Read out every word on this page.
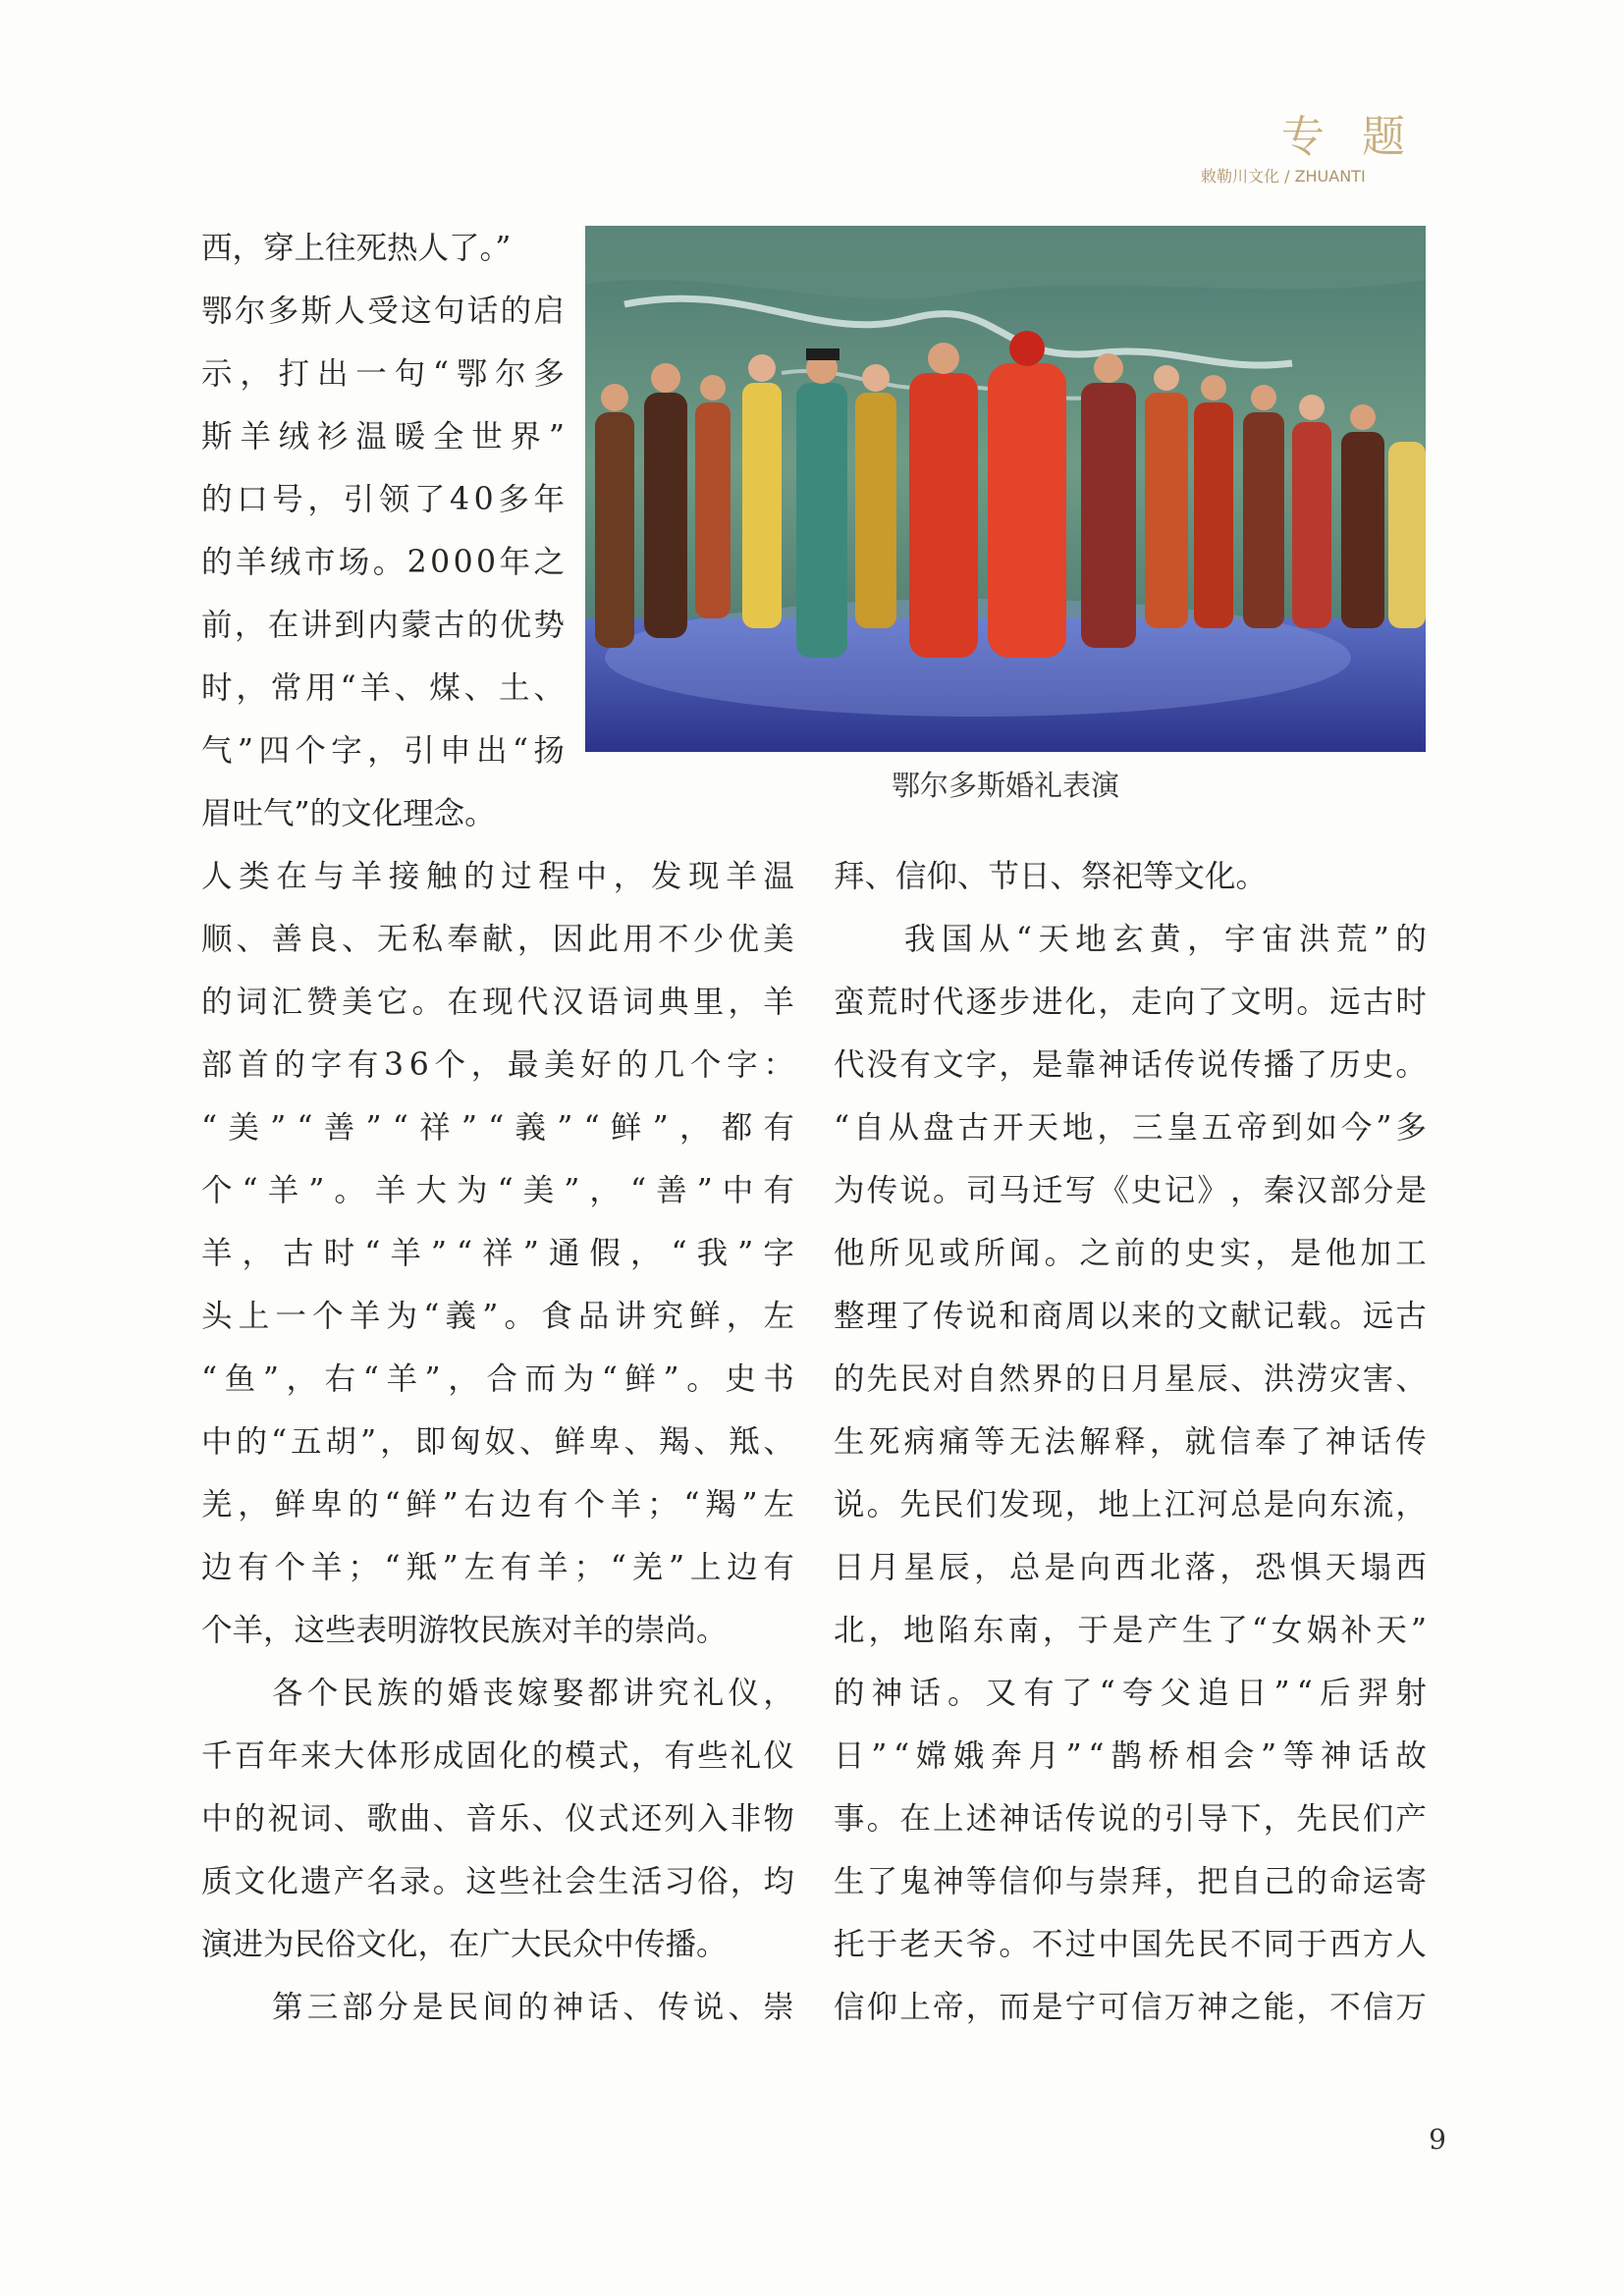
专 题
敕勒川文化 / ZHUANTI
鄂尔多斯婚礼表演
西，穿上往死热人了。”
鄂 尔 多 斯 人 受 这 句 话 的 启
示 ， 打 出 一 句 “ 鄂 尔 多
斯 羊 绒 衫 温 暖 全 世 界 ”
的 口 号 ， 引 领 了 4 0 多 年
的 羊 绒 市 场 。 2 0 0 0 年 之
前 ， 在 讲 到 内 蒙 古 的 优 势
时 ， 常 用 “ 羊 、 煤 、 土 、
气 ” 四 个 字 ， 引 申 出 “ 扬
眉吐气”的文化理念。
人 类 在 与 羊 接 触 的 过 程 中 ， 发 现 羊 温
顺 、 善 良 、 无 私 奉 献 ， 因 此 用 不 少 优 美
的 词 汇 赞 美 它 。 在 现 代 汉 语 词 典 里 ， 羊
部 首 的 字 有 3 6 个 ， 最 美 好 的 几 个 字 ：
“ 美 ” “ 善 ” “ 祥 ” “ 義 ” “ 鲜 ” ， 都 有
个 “ 羊 ” 。 羊 大 为 “ 美 ” ， “ 善 ” 中 有
羊 ， 古 时 “ 羊 ” “ 祥 ” 通 假 ， “ 我 ” 字
头 上 一 个 羊 为 “ 義 ” 。 食 品 讲 究 鲜 ， 左
“ 鱼 ” ， 右 “ 羊 ” ， 合 而 为 “ 鲜 ” 。 史 书
中 的 “ 五 胡 ” ， 即 匈 奴 、 鲜 卑 、 羯 、 羝 、
羌 ， 鲜 卑 的 “ 鲜 ” 右 边 有 个 羊 ； “ 羯 ” 左
边 有 个 羊 ； “ 羝 ” 左 有 羊 ； “ 羌 ” 上 边 有
个羊，这些表明游牧民族对羊的崇尚。
各 个 民 族 的 婚 丧 嫁 娶 都 讲 究 礼 仪 ，
千 百 年 来 大 体 形 成 固 化 的 模 式 ， 有 些 礼 仪
中 的 祝 词 、 歌 曲 、 音 乐 、 仪 式 还 列 入 非 物
质 文 化 遗 产 名 录 。 这 些 社 会 生 活 习 俗 ， 均
演进为民俗文化，在广大民众中传播。
第 三 部 分 是 民 间 的 神 话 、 传 说 、 崇
拜、信仰、节日、祭祀等文化。
我 国 从 “ 天 地 玄 黄 ， 宇 宙 洪 荒 ” 的
蛮 荒 时 代 逐 步 进 化 ， 走 向 了 文 明 。 远 古 时
代 没 有 文 字 ， 是 靠 神 话 传 说 传 播 了 历 史 。
“ 自 从 盘 古 开 天 地 ， 三 皇 五 帝 到 如 今 ” 多
为 传 说 。 司 马 迁 写 《 史 记 》 ， 秦 汉 部 分 是
他 所 见 或 所 闻 。 之 前 的 史 实 ， 是 他 加 工
整 理 了 传 说 和 商 周 以 来 的 文 献 记 载 。 远 古
的 先 民 对 自 然 界 的 日 月 星 辰 、 洪 涝 灾 害 、
生 死 病 痛 等 无 法 解 释 ， 就 信 奉 了 神 话 传
说 。 先 民 们 发 现 ， 地 上 江 河 总 是 向 东 流 ，
日 月 星 辰 ， 总 是 向 西 北 落 ， 恐 惧 天 塌 西
北 ， 地 陷 东 南 ， 于 是 产 生 了 “ 女 娲 补 天 ”
的 神 话 。 又 有 了 “ 夸 父 追 日 ” “ 后 羿 射
日 ” “ 嫦 娥 奔 月 ” “ 鹊 桥 相 会 ” 等 神 话 故
事 。 在 上 述 神 话 传 说 的 引 导 下 ， 先 民 们 产
生 了 鬼 神 等 信 仰 与 崇 拜 ， 把 自 己 的 命 运 寄
托 于 老 天 爷 。 不 过 中 国 先 民 不 同 于 西 方 人
信 仰 上 帝 ， 而 是 宁 可 信 万 神 之 能 ， 不 信 万
9
